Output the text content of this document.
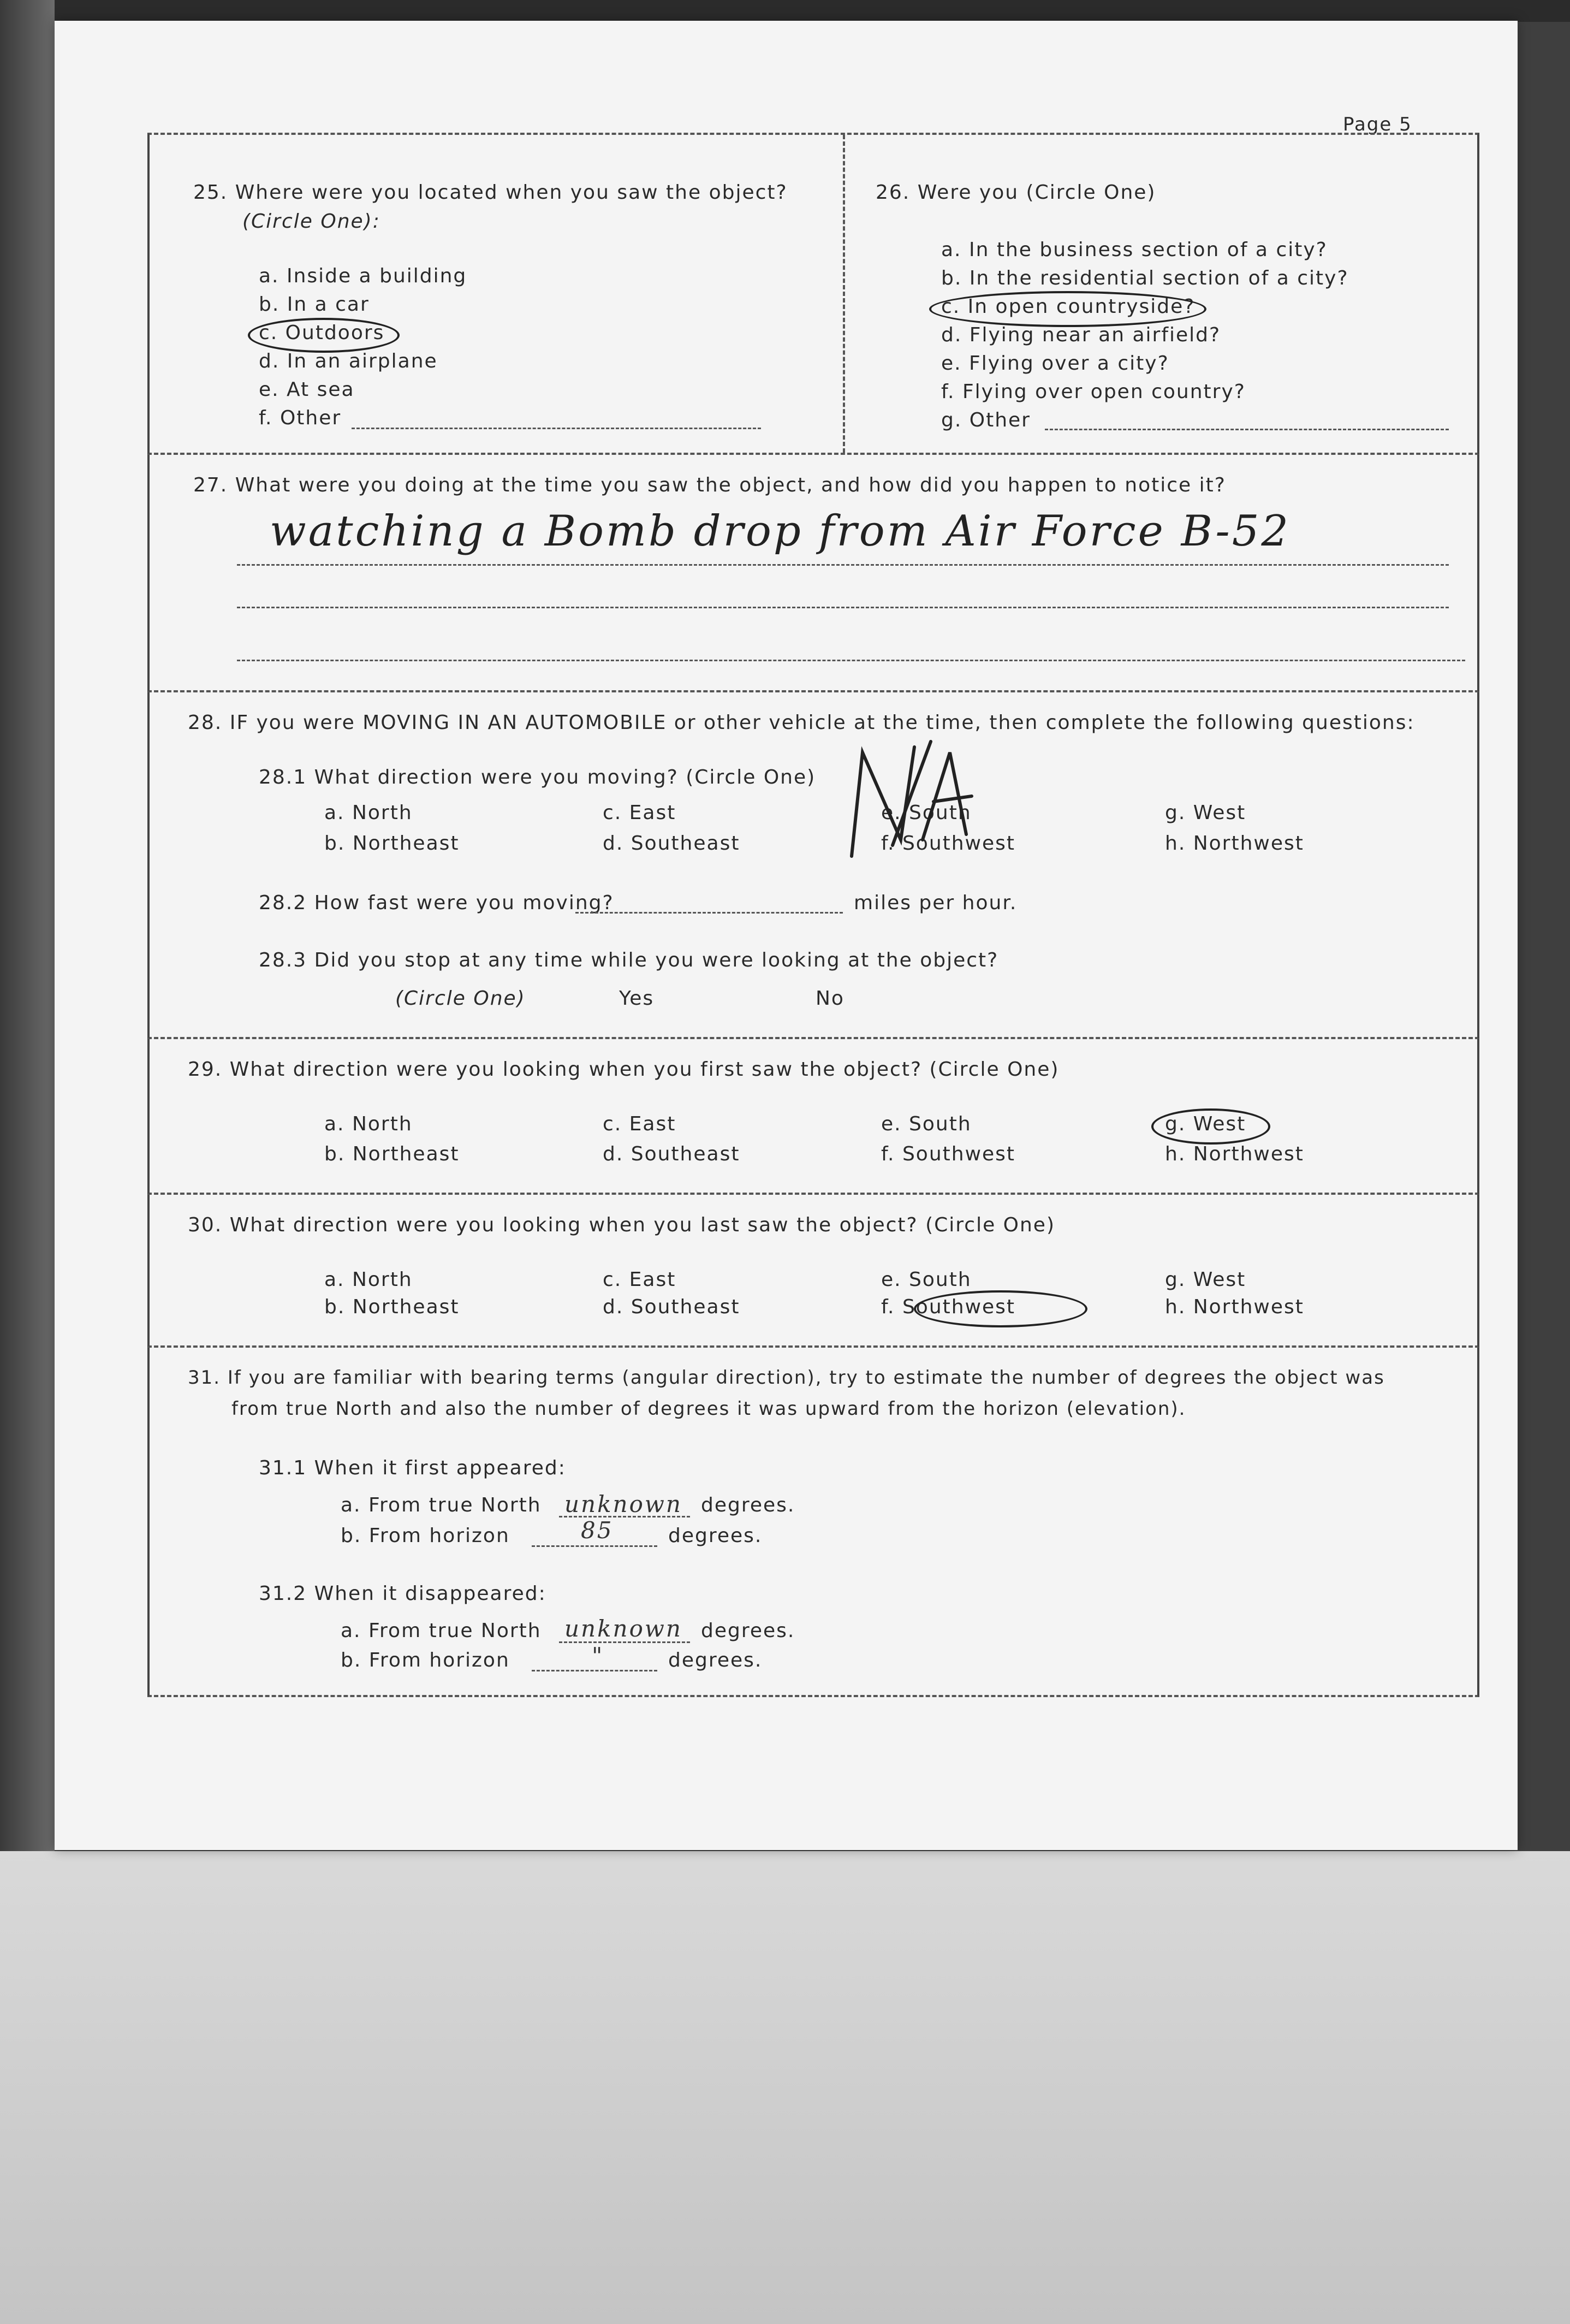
Page 5
25. Where were you located when you saw the object?
(Circle One):
a. Inside a building
b. In a car
c. Outdoors
d. In an airplane
e. At sea
f. Other
26. Were you (Circle One)
a. In the business section of a city?
b. In the residential section of a city?
c. In open countryside?
d. Flying near an airfield?
e. Flying over a city?
f. Flying over open country?
g. Other
27. What were you doing at the time you saw the object, and how did you happen to notice it?
watching a Bomb drop from Air Force B-52
28. IF you were MOVING IN AN AUTOMOBILE or other vehicle at the time, then complete the following questions:
28.1 What direction were you moving? (Circle One)
a. North
b. Northeast
c. East
d. Southeast
e. South
f. Southwest
g. West
h. Northwest
28.2 How fast were you moving?	miles per hour.
28.3 Did you stop at any time while you were looking at the object?
(Circle One)	Yes	No
29. What direction were you looking when you first saw the object? (Circle One)
a. North
b. Northeast
c. East
d. Southeast
e. South
f. Southwest
g. West
h. Northwest
30. What direction were you looking when you last saw the object? (Circle One)
a. North
b. Northeast
c. East
d. Southeast
e. South
f. Southwest
g. West
h. Northwest
31. If you are familiar with bearing terms (angular direction), try to estimate the number of degrees the object was
from true North and also the number of degrees it was upward from the horizon (elevation).
31.1 When it first appeared:
a. From true North unknown degrees.
b. From horizon	85	degrees.
31.2 When it disappeared:
a. From true North unknown degrees.
b. From horizon	"	degrees.
